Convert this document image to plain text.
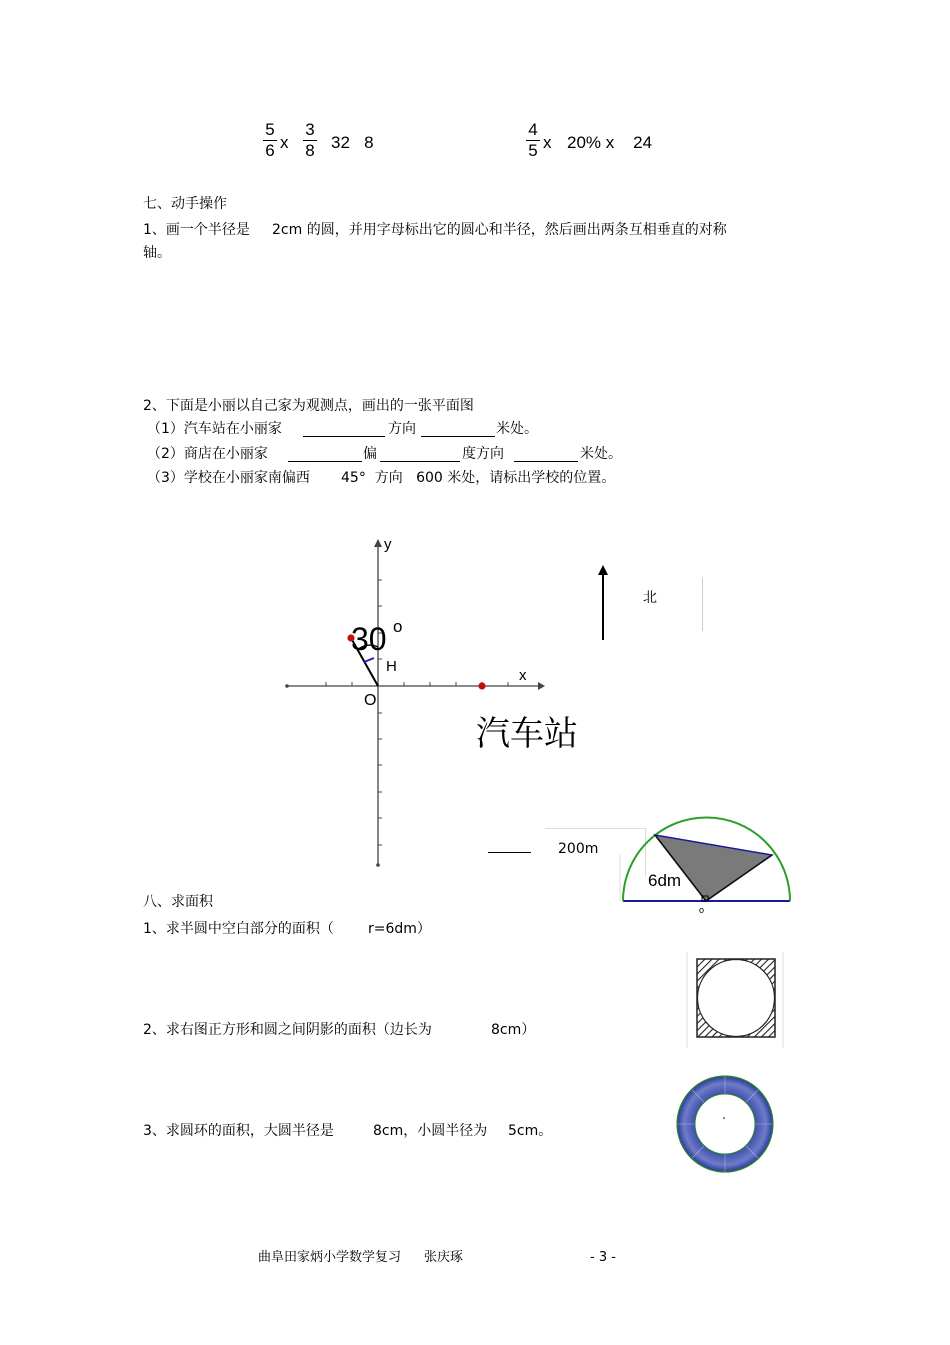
5
6 x
3
8 32   8
4
5 x 20% x    24
七、动手操作
1、画一个半径是 2cm 的圆，并用字母标出它的圆心和半径，然后画出两条互相垂直的对称
轴。
2、下面是小丽以自己家为观测点，画出的一张平面图
（1）汽车站在小丽家	方向	米处。
（2）商店在小丽家	偏	度方向	米处。
（3）学校在小丽家南偏西 45°  方向   600 米处，请标出学校的位置。
y
x
O
30 o
H
汽车站
北
200m
6dm
o
八、求面积
1、求半圆中空白部分的面积（ r=6dm）
2、求右图正方形和圆之间阴影的面积（边长为	8cm）
3、求圆环的面积，大圆半径是	8cm，小圆半径为 5cm。
曲阜田家炳小学数学复习 张庆琢	- 3 -
